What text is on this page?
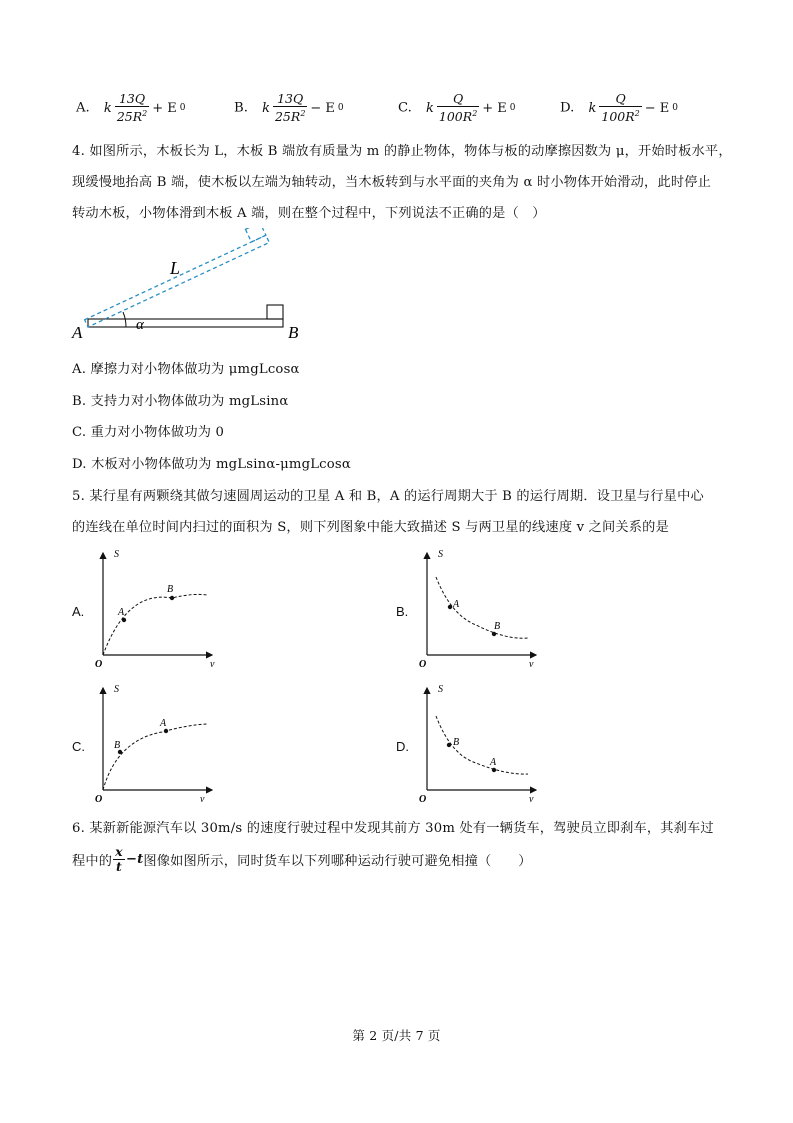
A. k $\frac{13Q}{25R^2} + E$ 0	B. k $\frac{13Q}{25R^2} - E$ 0	C. k $\frac{Q}{100R^2} + E$ 0	D. k $\frac{Q}{100R^2} - E$ 0
4. 如图所示，木板长为 L，木板 B 端放有质量为 m 的静止物体，物体与板的动摩擦因数为 μ，开始时板水平，
现缓慢地抬高 B 端，使木板以左端为轴转动，当木板转到与水平面的夹角为 α 时小物体开始滑动，此时停止
转动木板，小物体滑到木板 A 端，则在整个过程中，下列说法不正确的是（　）
α
L
A	B
A. 摩擦力对小物体做功为 μmgLcosα
B. 支持力对小物体做功为 mgLsinα
C. 重力对小物体做功为 0
D. 木板对小物体做功为 mgLsinα-μmgLcosα
5. 某行星有两颗绕其做匀速圆周运动的卫星 A 和 B，A 的运行周期大于 B 的运行周期．设卫星与行星中心
的连线在单位时间内扫过的面积为 S，则下列图象中能大致描述 S 与两卫星的线速度 v 之间关系的是
A.	A
B
S
v
O
B.	A
B
S
v
O
C.	B
A
S
v
O
D.	B
A
S
v
O
6. 某新新能源汽车以 30m/s 的速度行驶过程中发现其前方 30m 处有一辆货车，驾驶员立即刹车，其刹车过
程中的 $\frac{x}{t} -t$ 图像如图所示，同时货车以下列哪种运动行驶可避免相撞（　　）
第 2 页/共 7 页
